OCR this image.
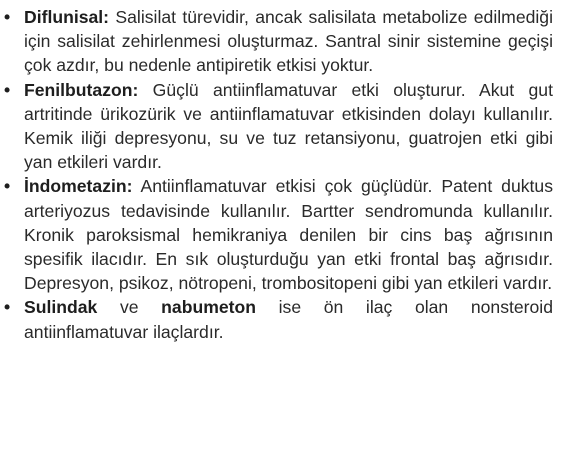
• Diflunisal: Salisilat türevidir, ancak salisilata metabolize edilmediği için salisilat zehirlenmesi oluşturmaz. Santral sinir sistemine geçişi çok azdır, bu nedenle antipiretik etkisi yoktur.
• Fenilbutazon: Güçlü antiinflamatuvar etki oluşturur. Akut gut artritinde ürikozürik ve antiinflamatuvar etkisinden dolayı kullanılır. Kemik iliği depresyonu, su ve tuz retansiyonu, guatrojen etki gibi yan etkileri vardır.
• İndometazin: Antiinflamatuvar etkisi çok güçlüdür. Patent duktus arteriyozus tedavisinde kullanılır. Bartter sendromunda kullanılır. Kronik paroksismal hemikraniya denilen bir cins baş ağrısının spesifik ilacıdır. En sık oluşturduğu yan etki frontal baş ağrısıdır. Depresyon, psikoz, nötropeni, trombositopeni gibi yan etkileri vardır.
• Sulindak ve nabumeton ise ön ilaç olan nonsteroid antiinflamatuvar ilaçlardır.
